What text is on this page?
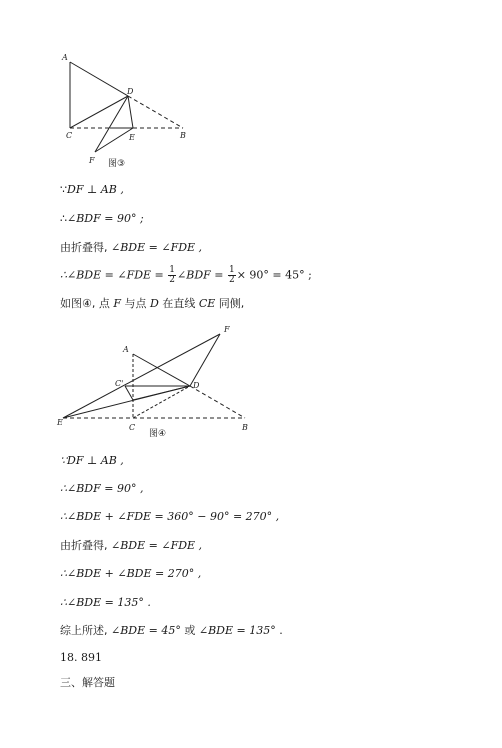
A
D
C	E	B
F 图③
∵DF ⊥ AB ,
∴∠BDF = 90° ;
由折叠得, ∠BDE = ∠FDE ,
∴∠BDE = ∠FDE = $\frac{1}{2}$ ∠BDF = $\frac{1}{2} \times 90^\circ = 45^\circ$ ;
如图④, 点 F 与点 D 在直线 CE 同侧,
A
F
C'	D
E
C	B
图④
∵DF ⊥ AB ,
∴∠BDF = 90° ,
∴∠BDE + ∠FDE = 360° − 90° = 270° ,
由折叠得, ∠BDE = ∠FDE ,
∴∠BDE + ∠BDE = 270° ,
∴∠BDE = 135° .
综上所述, ∠BDE = 45° 或 ∠BDE = 135° .
18. 891
三、解答题
